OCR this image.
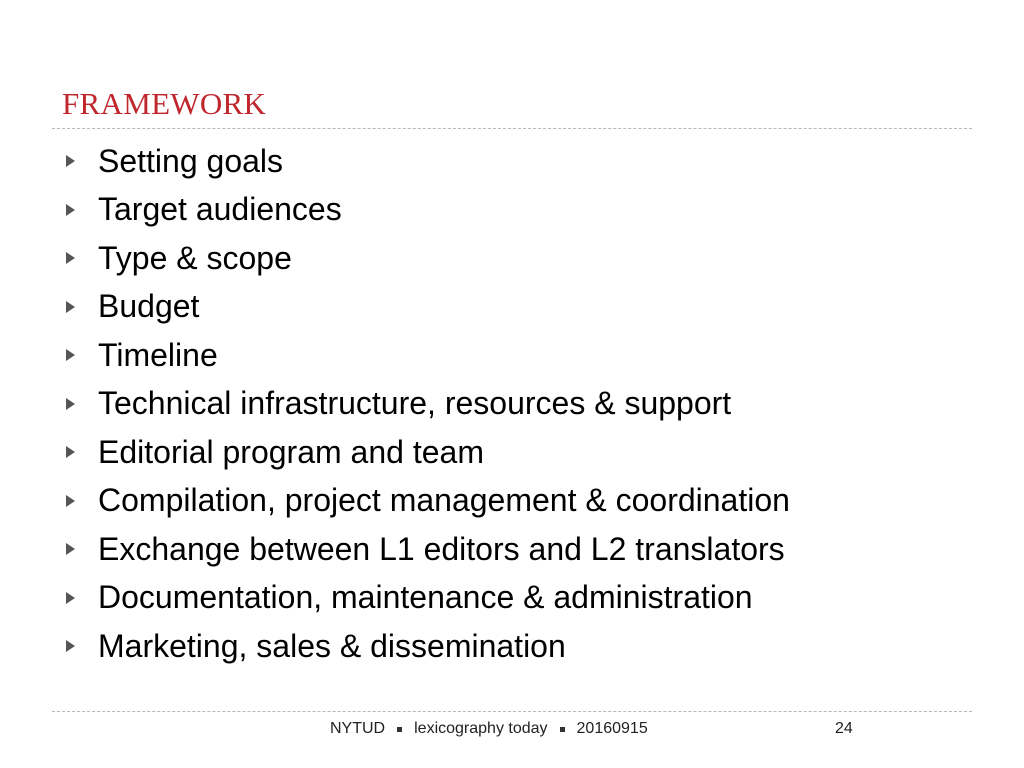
FRAMEWORK
Setting goals
Target audiences
Type & scope
Budget
Timeline
Technical infrastructure, resources & support
Editorial program and team
Compilation, project management & coordination
Exchange between L1 editors and L2 translators
Documentation, maintenance & administration
Marketing, sales & dissemination
NYTUD lexicography today 20160915	24
